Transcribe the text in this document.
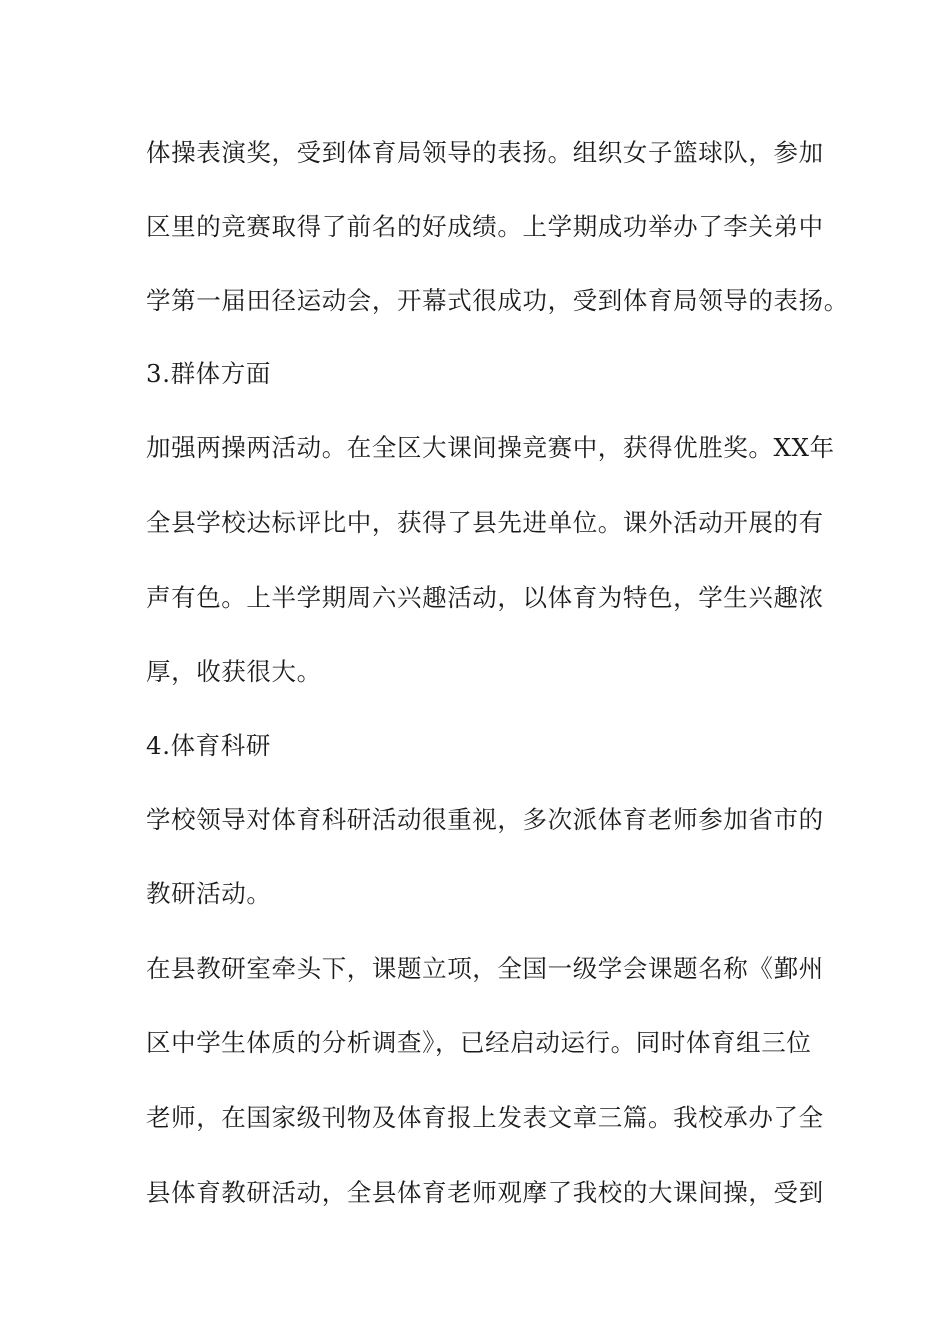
体操表演奖，受到体育局领导的表扬。组织女子篮球队，参加
区里的竞赛取得了前名的好成绩。上学期成功举办了李关弟中
学第一届田径运动会，开幕式很成功，受到体育局领导的表扬。
3.群体方面
加强两操两活动。在全区大课间操竞赛中，获得优胜奖。XX年
全县学校达标评比中，获得了县先进单位。课外活动开展的有
声有色。上半学期周六兴趣活动，以体育为特色，学生兴趣浓
厚，收获很大。
4.体育科研
学校领导对体育科研活动很重视，多次派体育老师参加省市的
教研活动。
在县教研室牵头下，课题立项，全国一级学会课题名称《鄞州
区中学生体质的分析调查》，已经启动运行。同时体育组三位
老师，在国家级刊物及体育报上发表文章三篇。我校承办了全
县体育教研活动，全县体育老师观摩了我校的大课间操，受到
